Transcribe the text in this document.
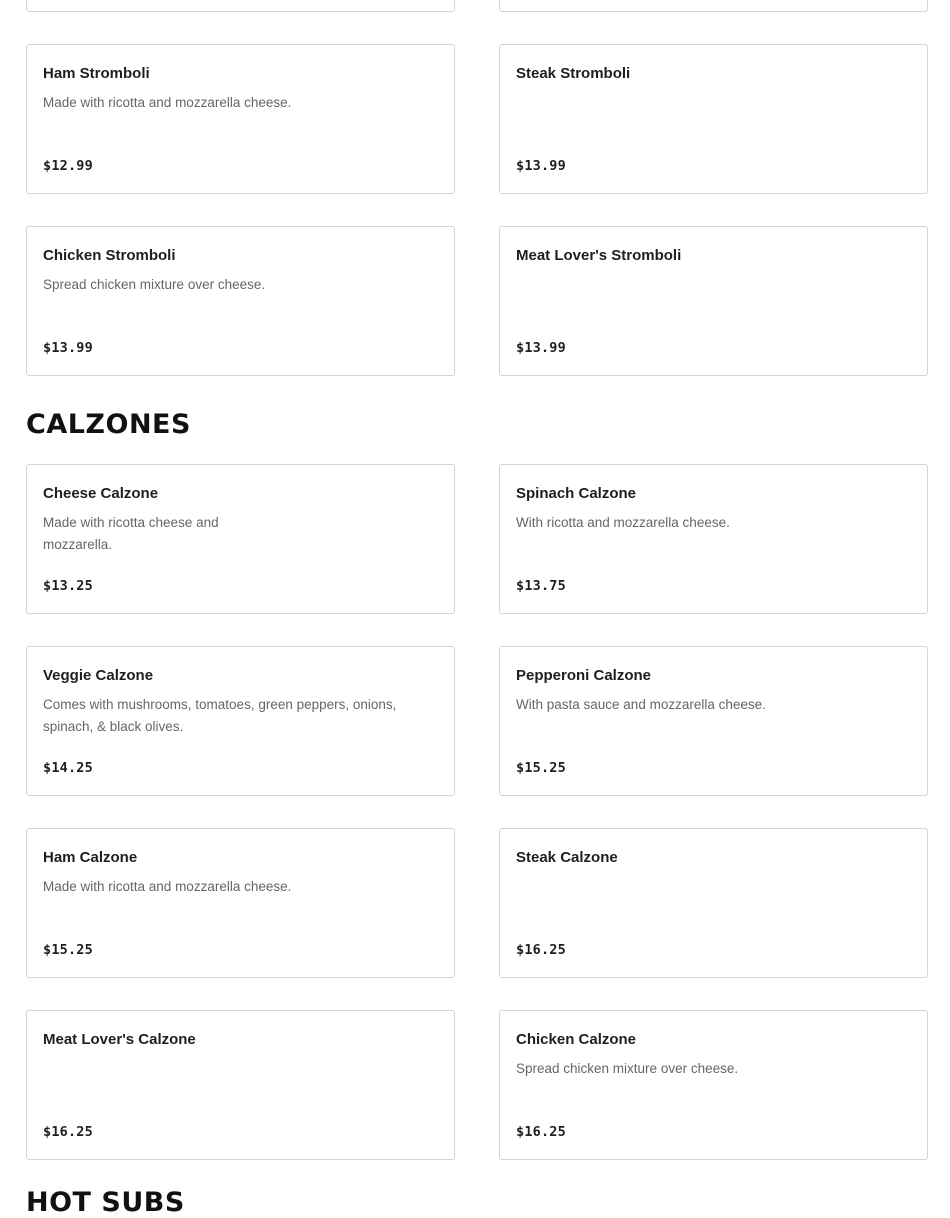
Ham Stromboli
Made with ricotta and mozzarella cheese.
$12.99
Steak Stromboli
$13.99
Chicken Stromboli
Spread chicken mixture over cheese.
$13.99
Meat Lover's Stromboli
$13.99
CALZONES
Cheese Calzone
Made with ricotta cheese and mozzarella.
$13.25
Spinach Calzone
With ricotta and mozzarella cheese.
$13.75
Veggie Calzone
Comes with mushrooms, tomatoes, green peppers, onions, spinach, & black olives.
$14.25
Pepperoni Calzone
With pasta sauce and mozzarella cheese.
$15.25
Ham Calzone
Made with ricotta and mozzarella cheese.
$15.25
Steak Calzone
$16.25
Meat Lover's Calzone
$16.25
Chicken Calzone
Spread chicken mixture over cheese.
$16.25
HOT SUBS
